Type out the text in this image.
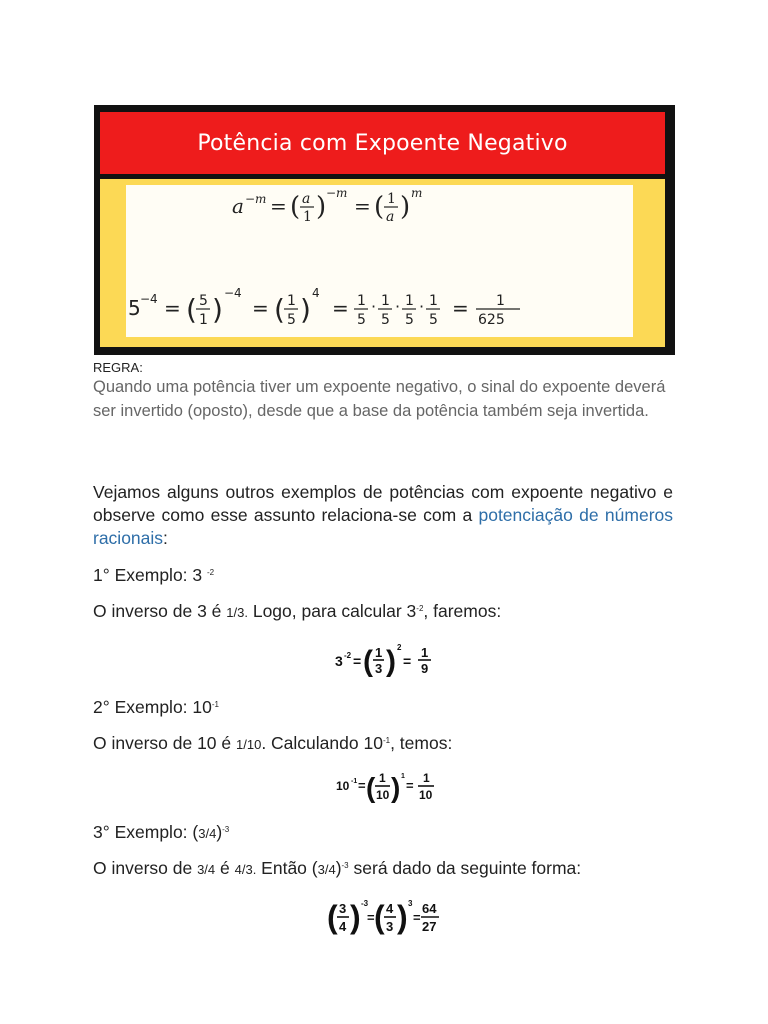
Potência com Expoente Negativo
a −m = ( a
1 ) −m
= ( 1
a ) m
5 −4 = ( 5
1 ) −4
= ( 1
5 ) 4
= 1
5
· 1
5
· 1
5
· 1
5 = 1
625
REGRA:
Quando uma potência tiver um expoente negativo, o sinal do expoente deverá ser invertido (oposto), desde que a base da potência também seja invertida.
Vejamos alguns outros exemplos de potências com expoente negativo e observe como esse assunto relaciona-se com a potenciação de números racionais:
1° Exemplo: 3 $^{-2}$
O inverso de 3 é 1/3. Logo, para calcular $3^{-2}$, faremos:
3 -2 = ( 1
3 ) 2
=
1
9
2° Exemplo: $10^{-1}$
O inverso de 10 é 1/10. Calculando $10^{-1}$, temos:
10 -1 = ( 1
10 ) 1
= 1
10
3° Exemplo: $(3/4)^{-3}$
O inverso de 3/4 é 4/3. Então $(3/4)^{-3}$ será dado da seguinte forma:
( 3
4 ) -3
= ( 4
3 ) 3
=
64
27
